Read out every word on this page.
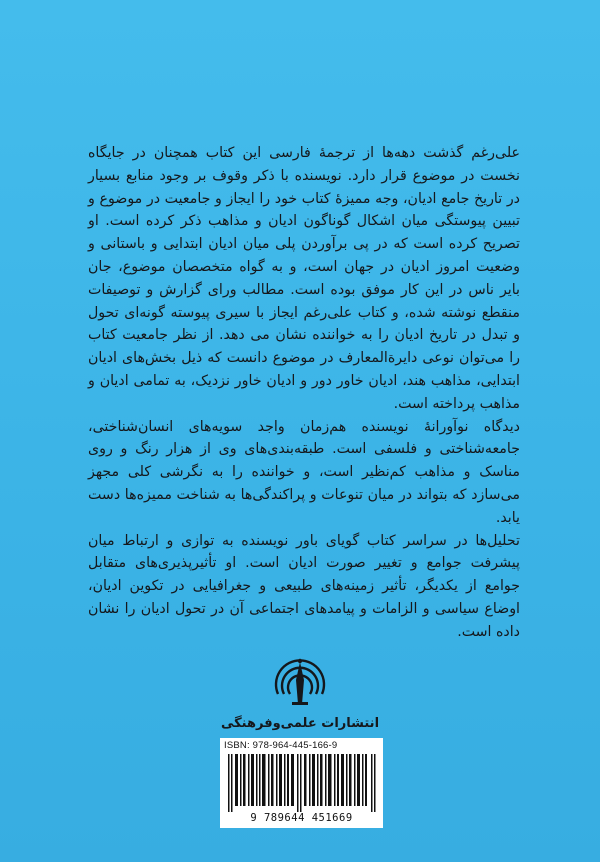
علی‌رغم گذشت دهه‌ها از ترجمهٔ فارسی این کتاب همچنان در جایگاه نخست در موضوع قرار دارد. نویسنده با ذکر وقوف بر وجود منابع بسیار در تاریخ جامع ادیان، وجه ممیزهٔ کتاب خود را ایجاز و جامعیت در موضوع و تبیین پیوستگی میان اشکال گوناگون ادیان و مذاهب ذکر کرده است. او تصریح کرده است که در پی برآوردن پلی میان ادیان ابتدایی و باستانی و وضعیت امروز ادیان در جهان است، و به گواه متخصصان موضوع، جان بایر ناس در این کار موفق بوده است. مطالب ورای گزارش و توصیفات منقطع نوشته شده، و کتاب علی‌رغم ایجاز با سیری پیوسته گونه‌ای تحول و تبدل در تاریخ ادیان را به خواننده نشان می دهد. از نظر جامعیت کتاب را می‌توان نوعی دایرة‌المعارف در موضوع دانست که ذیل بخش‌های ادیان ابتدایی، مذاهب هند، ادیان خاور دور و ادیان خاور نزدیک، به تمامی ادیان و مذاهب پرداخته است.

دیدگاه نوآورانهٔ نویسنده هم‌زمان واجد سویه‌های انسان‌شناختی، جامعه‌شناختی و فلسفی است. طبقه‌بندی‌های وی از هزار رنگ و روی مناسک و مذاهب کم‌نظیر است، و خواننده را به نگرشی کلی مجهز می‌سازد که بتواند در میان تنوعات و پراکندگی‌ها به شناخت ممیزه‌ها دست یابد.

تحلیل‌ها در سراسر کتاب گویای باور نویسنده به توازی و ارتباط میان پیشرفت جوامع و تغییر صورت ادیان است. او تأثیرپذیری‌های متقابل جوامع از یکدیگر، تأثیر زمینه‌های طبیعی و جغرافیایی در تکوین ادیان، اوضاع سیاسی و الزامات و پیامدهای اجتماعی آن در تحول ادیان را نشان داده است.

انتشارات علمی‌وفرهنگی
ISBN: 978-964-445-166-9
9 789644 451669
